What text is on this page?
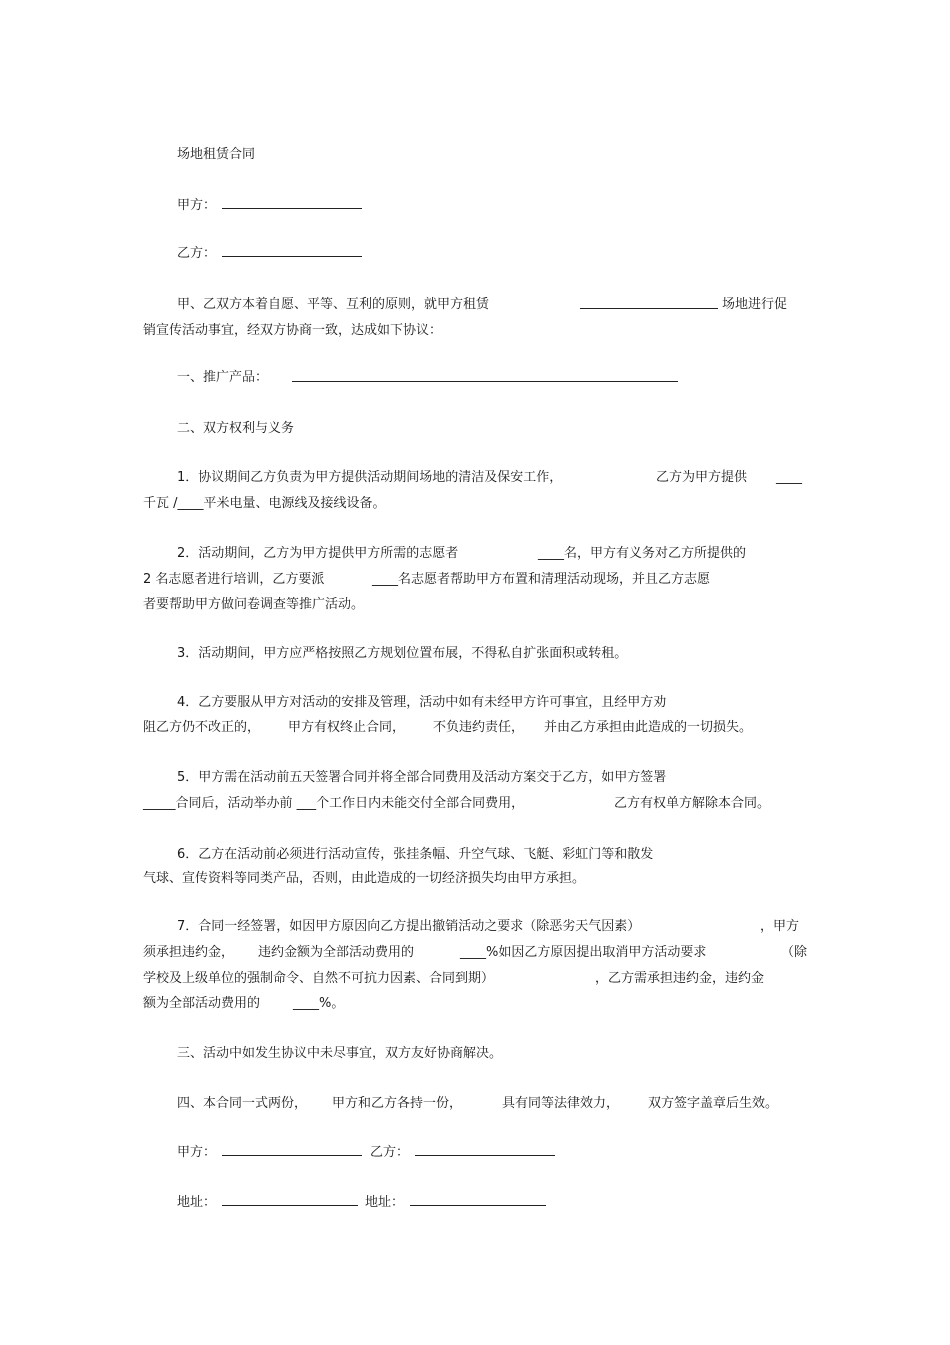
场地租赁合同

甲方：

乙方：

甲、乙双方本着自愿、平等、互利的原则，就甲方租赁	场地进行促

销宣传活动事宜，经双方协商一致，达成如下协议：

一、推广产品：

二、双方权利与义务

1．协议期间乙方负责为甲方提供活动期间场地的清洁及保安工作，	乙方为甲方提供 ____

千瓦 /____平米电量、电源线及接线设备。

2．活动期间，乙方为甲方提供甲方所需的志愿者	____名，甲方有义务对乙方所提供的

2 名志愿者进行培训，乙方要派	____名志愿者帮助甲方布置和清理活动现场，并且乙方志愿

者要帮助甲方做问卷调查等推广活动。

3．活动期间，甲方应严格按照乙方规划位置布展，不得私自扩张面积或转租。

4．乙方要服从甲方对活动的安排及管理，活动中如有未经甲方许可事宜，且经甲方劝

阻乙方仍不改正的， 甲方有权终止合同， 不负违约责任， 并由乙方承担由此造成的一切损失。

5．甲方需在活动前五天签署合同并将全部合同费用及活动方案交于乙方，如甲方签署

_____合同后，活动举办前 ___个工作日内未能交付全部合同费用，	乙方有权单方解除本合同。

6．乙方在活动前必须进行活动宣传，张挂条幅、升空气球、飞艇、彩虹门等和散发

气球、宣传资料等同类产品，否则，由此造成的一切经济损失均由甲方承担。

7．合同一经签署，如因甲方原因向乙方提出撤销活动之要求（除恶劣天气因素）	，甲方

须承担违约金， 违约金额为全部活动费用的	____%如因乙方原因提出取消甲方活动要求	（除

学校及上级单位的强制命令、自然不可抗力因素、合同到期）	，乙方需承担违约金，违约金

额为全部活动费用的	____%。

三、活动中如发生协议中未尽事宜，双方友好协商解决。

四、本合同一式两份， 甲方和乙方各持一份，	具有同等法律效力， 双方签字盖章后生效。

甲方：	乙方：

地址：	地址：
